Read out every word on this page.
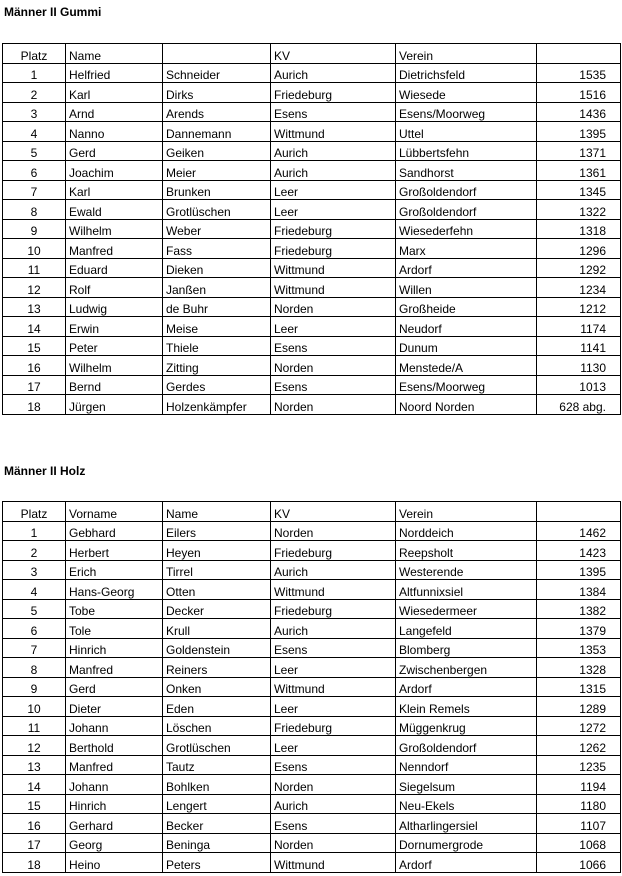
Männer II Gummi
Platz	Name		KV	Verein	
1	Helfried	Schneider	Aurich	Dietrichsfeld	1535
2	Karl	Dirks	Friedeburg	Wiesede	1516
3	Arnd	Arends	Esens	Esens/Moorweg	1436
4	Nanno	Dannemann	Wittmund	Uttel	1395
5	Gerd	Geiken	Aurich	Lübbertsfehn	1371
6	Joachim	Meier	Aurich	Sandhorst	1361
7	Karl	Brunken	Leer	Großoldendorf	1345
8	Ewald	Grotlüschen	Leer	Großoldendorf	1322
9	Wilhelm	Weber	Friedeburg	Wiesederfehn	1318
10	Manfred	Fass	Friedeburg	Marx	1296
11	Eduard	Dieken	Wittmund	Ardorf	1292
12	Rolf	Janßen	Wittmund	Willen	1234
13	Ludwig	de Buhr	Norden	Großheide	1212
14	Erwin	Meise	Leer	Neudorf	1174
15	Peter	Thiele	Esens	Dunum	1141
16	Wilhelm	Zitting	Norden	Menstede/A	1130
17	Bernd	Gerdes	Esens	Esens/Moorweg	1013
18	Jürgen	Holzenkämpfer	Norden	Noord Norden	628 abg.
Männer II Holz
Platz	Vorname	Name	KV	Verein	
1	Gebhard	Eilers	Norden	Norddeich	1462
2	Herbert	Heyen	Friedeburg	Reepsholt	1423
3	Erich	Tirrel	Aurich	Westerende	1395
4	Hans-Georg	Otten	Wittmund	Altfunnixsiel	1384
5	Tobe	Decker	Friedeburg	Wiesedermeer	1382
6	Tole	Krull	Aurich	Langefeld	1379
7	Hinrich	Goldenstein	Esens	Blomberg	1353
8	Manfred	Reiners	Leer	Zwischenbergen	1328
9	Gerd	Onken	Wittmund	Ardorf	1315
10	Dieter	Eden	Leer	Klein Remels	1289
11	Johann	Löschen	Friedeburg	Müggenkrug	1272
12	Berthold	Grotlüschen	Leer	Großoldendorf	1262
13	Manfred	Tautz	Esens	Nenndorf	1235
14	Johann	Bohlken	Norden	Siegelsum	1194
15	Hinrich	Lengert	Aurich	Neu-Ekels	1180
16	Gerhard	Becker	Esens	Altharlingersiel	1107
17	Georg	Beninga	Norden	Dornumergrode	1068
18	Heino	Peters	Wittmund	Ardorf	1066
